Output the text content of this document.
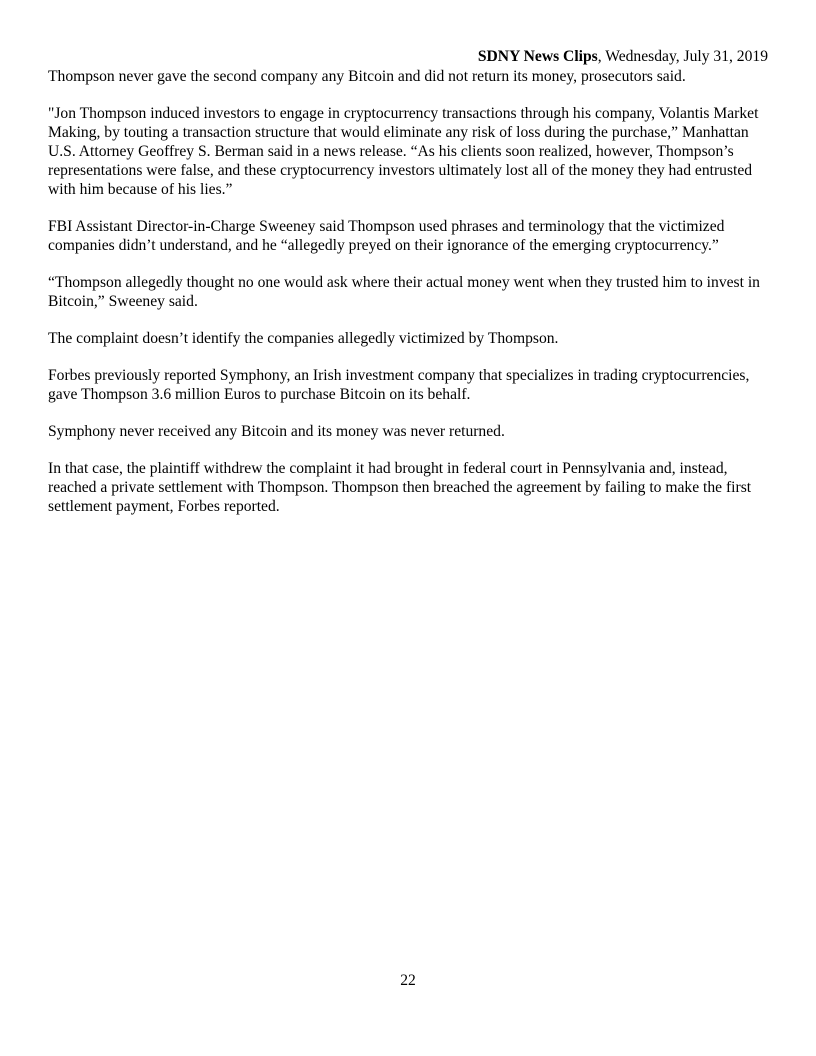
SDNY News Clips, Wednesday, July 31, 2019

Thompson never gave the second company any Bitcoin and did not return its money, prosecutors said.

"Jon Thompson induced investors to engage in cryptocurrency transactions through his company, Volantis Market Making, by touting a transaction structure that would eliminate any risk of loss during the purchase,” Manhattan U.S. Attorney Geoffrey S. Berman said in a news release. “As his clients soon realized, however, Thompson’s representations were false, and these cryptocurrency investors ultimately lost all of the money they had entrusted with him because of his lies.”

FBI Assistant Director-in-Charge Sweeney said Thompson used phrases and terminology that the victimized companies didn’t understand, and he “allegedly preyed on their ignorance of the emerging cryptocurrency.”

“Thompson allegedly thought no one would ask where their actual money went when they trusted him to invest in Bitcoin,” Sweeney said.

The complaint doesn’t identify the companies allegedly victimized by Thompson.

Forbes previously reported Symphony, an Irish investment company that specializes in trading cryptocurrencies, gave Thompson 3.6 million Euros to purchase Bitcoin on its behalf.

Symphony never received any Bitcoin and its money was never returned.

In that case, the plaintiff withdrew the complaint it had brought in federal court in Pennsylvania and, instead, reached a private settlement with Thompson. Thompson then breached the agreement by failing to make the first settlement payment, Forbes reported.

22
